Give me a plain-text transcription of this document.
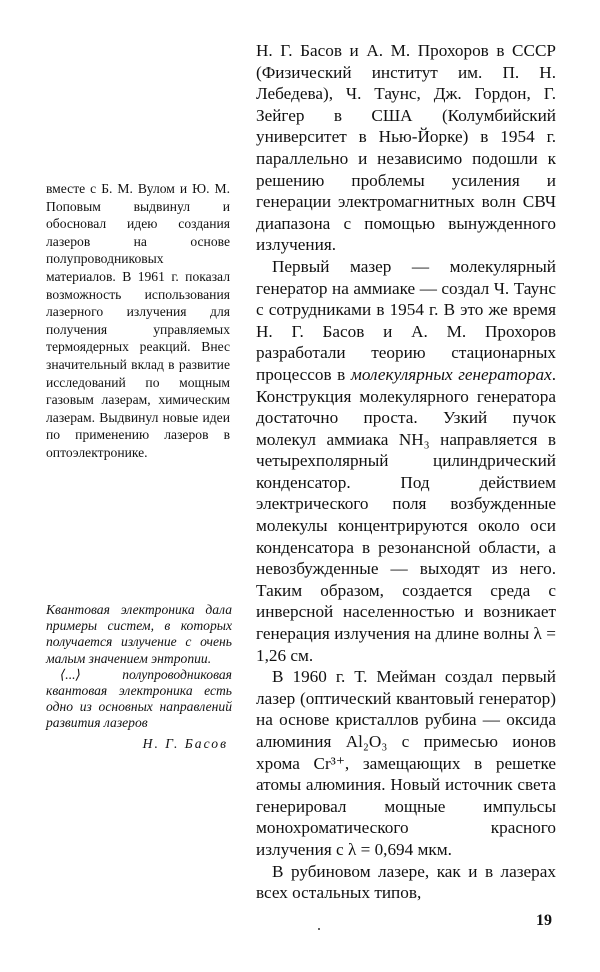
вместе с Б. М. Вулом и Ю. М. Поповым выдвинул и обосновал идею создания лазеров на основе полупроводниковых материалов. В 1961 г. показал возможность использования лазерного излучения для получения управляемых термоядерных реакций. Внес значительный вклад в развитие исследований по мощным газовым лазерам, химическим лазерам. Выдвинул новые идеи по применению лазеров в оптоэлектронике.

Квантовая электроника дала примеры систем, в которых получается излучение с очень малым значением энтропии.

⟨...⟩ полупроводниковая квантовая электроника есть одно из основных направлений развития лазеров

Н. Г. Басов

Н. Г. Басов и А. М. Прохоров в СССР (Физический институт им. П. Н. Лебедева), Ч. Таунс, Дж. Гордон, Г. Зейгер в США (Колумбийский университет в Нью-Йорке) в 1954 г. параллельно и независимо подошли к решению проблемы усиления и генерации электромагнитных волн СВЧ диапазона с помощью вынужденного излучения.

Первый мазер — молекулярный генератор на аммиаке — создал Ч. Таунс с сотрудниками в 1954 г. В это же время Н. Г. Басов и А. М. Прохоров разработали теорию стационарных процессов в молекулярных генераторах. Конструкция молекулярного генератора достаточно проста. Узкий пучок молекул аммиака NH₃ направляется в четырехполярный цилиндрический конденсатор. Под действием электрического поля возбужденные молекулы концентрируются около оси конденсатора в резонансной области, а невозбужденные — выходят из него. Таким образом, создается среда с инверсной населенностью и возникает генерация излучения на длине волны λ = 1,26 см.

В 1960 г. Т. Мейман создал первый лазер (оптический квантовый генератор) на основе кристаллов рубина — оксида алюминия Al₂O₃ с примесью ионов хрома Cr³⁺, замещающих в решетке атомы алюминия. Новый источник света генерировал мощные импульсы монохроматического красного излучения с λ = 0,694 мкм.

В рубиновом лазере, как и в лазерах всех остальных типов,

19
